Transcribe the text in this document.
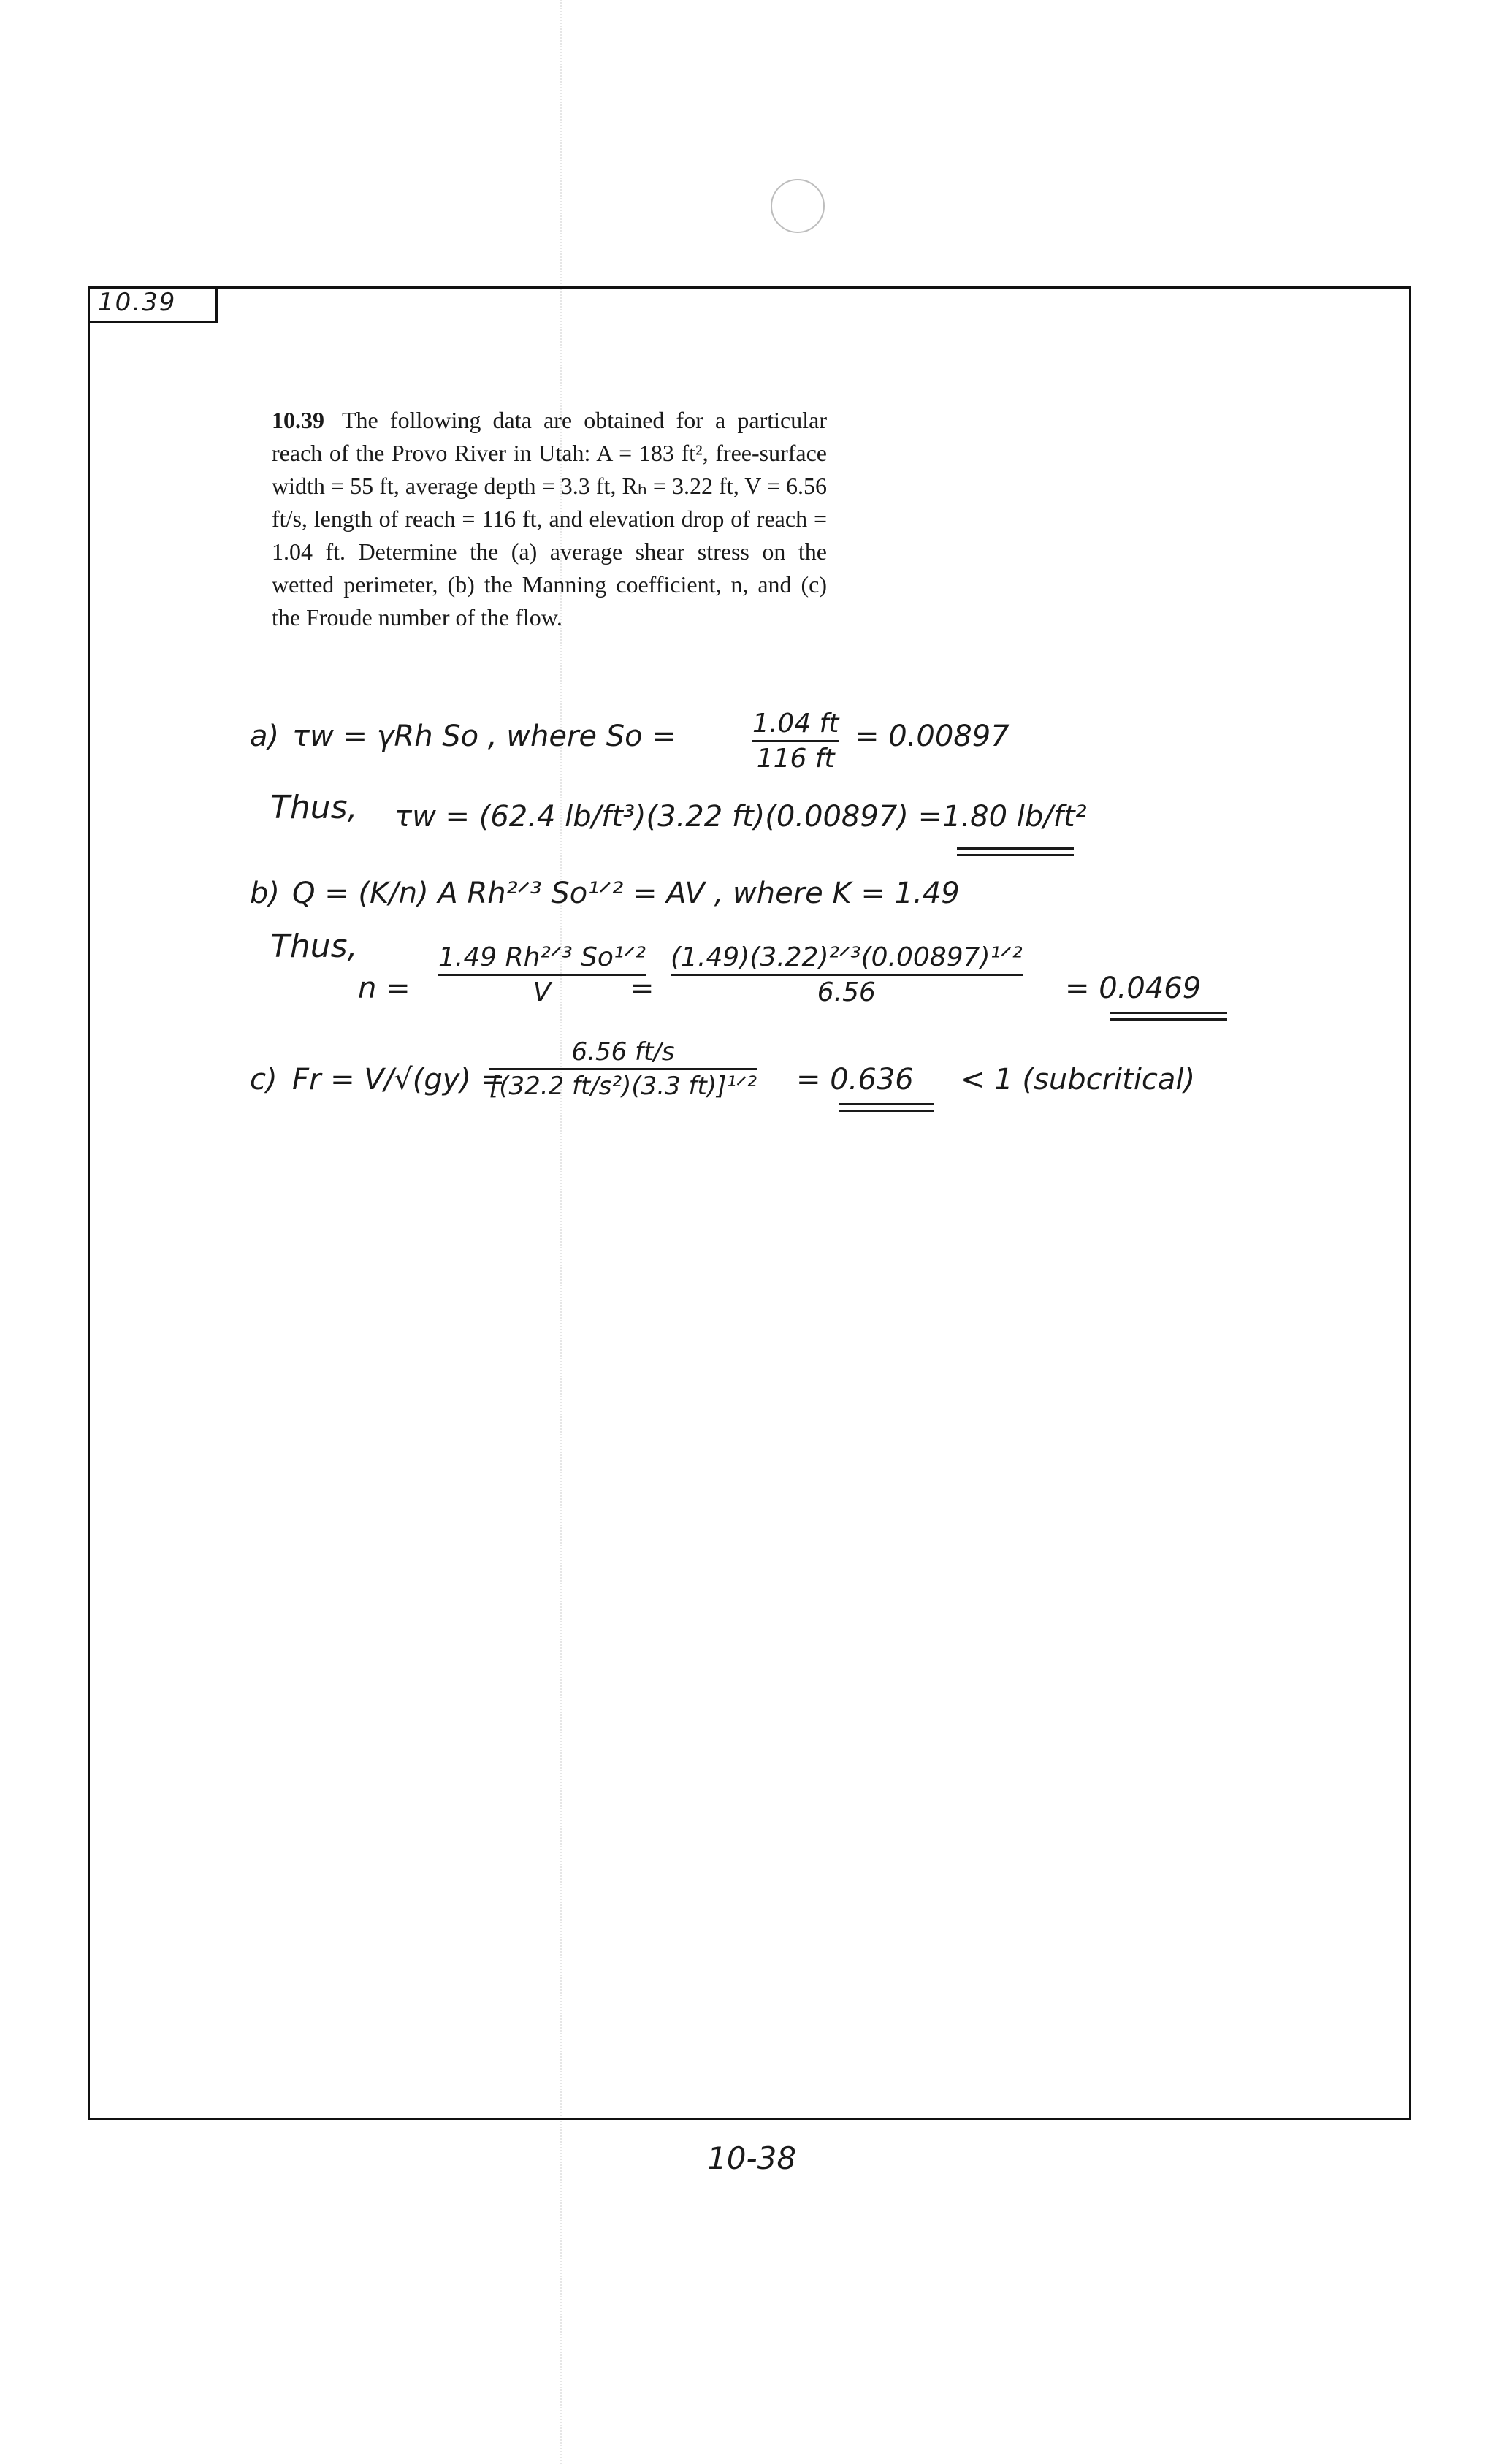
10.39
10.39 The following data are obtained for a particular reach of the Provo River in Utah: A = 183 ft², free-surface width = 55 ft, average depth = 3.3 ft, Rₕ = 3.22 ft, V = 6.56 ft/s, length of reach = 116 ft, and elevation drop of reach = 1.04 ft. Determine the (a) average shear stress on the wetted perimeter, (b) the Manning coefficient, n, and (c) the Froude number of the flow.
a) τw = γRh So , where So =	1.04 ft
116 ft
= 0.00897
Thus, τw = (62.4 lb/ft³)(3.22 ft)(0.00897) = 1.80 lb/ft²
b) Q = (K/n) A Rh²ᐟ³ So¹ᐟ² = AV , where K = 1.49
Thus,
n =
1.49 Rh²ᐟ³ So¹ᐟ²
V	=
(1.49)(3.22)²ᐟ³(0.00897)¹ᐟ²
6.56	= 0.0469
c) Fr = V/√(gy) =
6.56 ft/s
[(32.2 ft/s²)(3.3 ft)]¹ᐟ² = 0.636 < 1 (subcritical)
10-38
